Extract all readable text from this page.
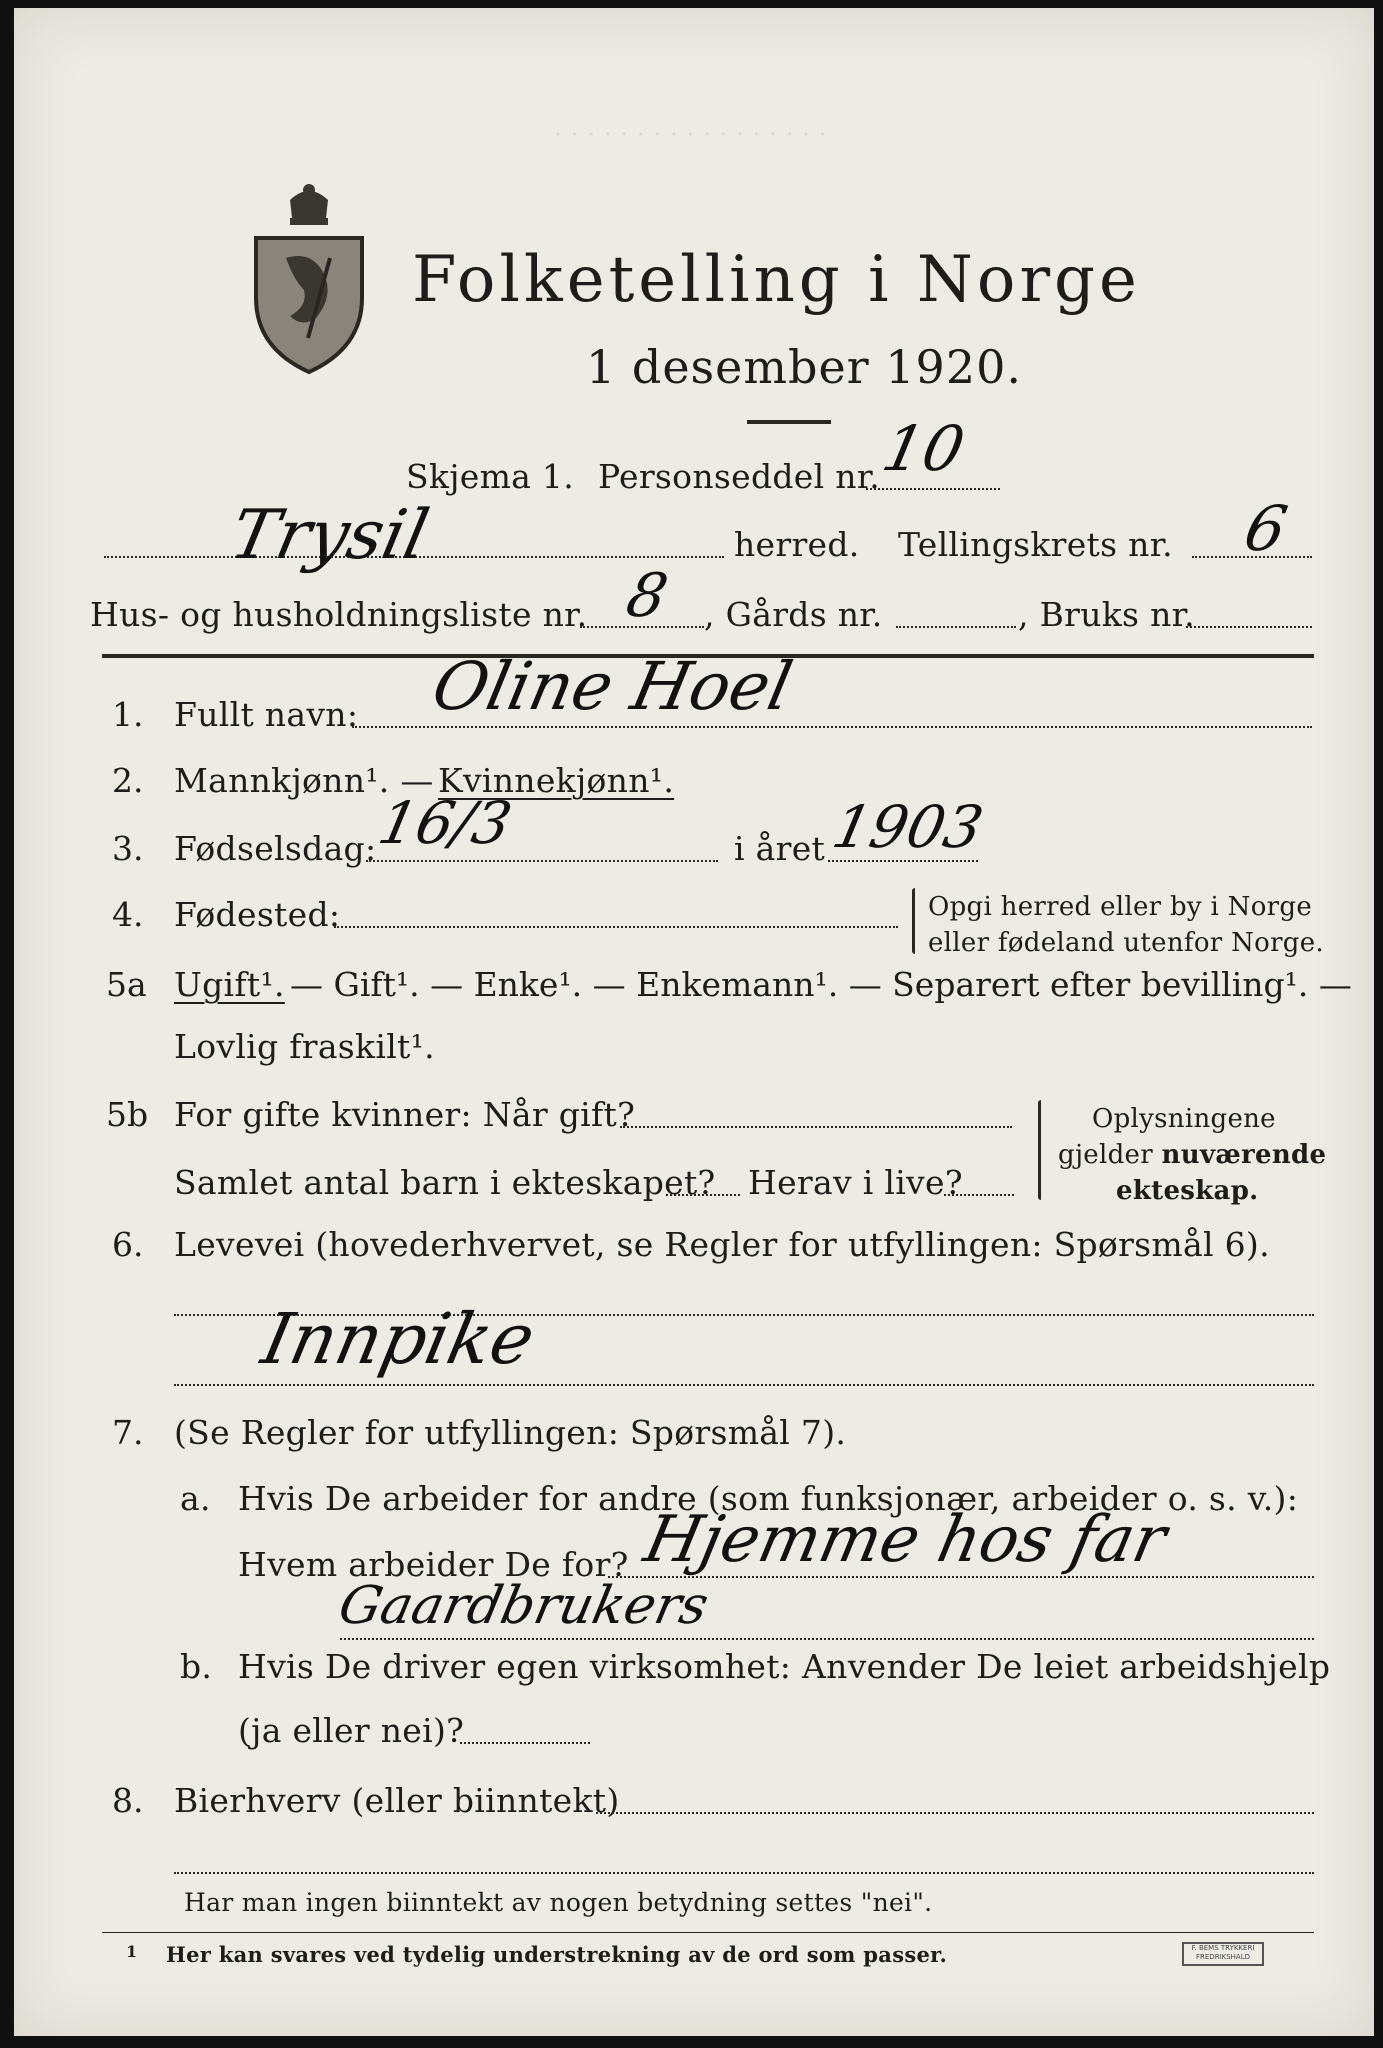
· · · · · · · · · · · · · · · · ·
Folketelling i Norge
1 desember 1920.
Skjema 1. Personseddel nr.
10
Trysil	herred. Tellingskrets nr. 6
Hus- og husholdningsliste nr. 8 , Gårds nr.	, Bruks nr.
1. Fullt navn: Oline Hoel
2. Mannkjønn¹. — Kvinnekjønn¹.
3. Fødselsdag:
16/3	i året 1903
4. Fødested:	Opgi herred eller by i Norge
eller fødeland utenfor Norge.
5a Ugift¹. — Gift¹. — Enke¹. — Enkemann¹. — Separert efter bevilling¹. —
Lovlig fraskilt¹.
5b For gifte kvinner: Når gift?
Samlet antal barn i ekteskapet? Herav i live?
Oplysningene
gjelder nuværende
ekteskap.
6. Levevei (hovederhvervet, se Regler for utfyllingen: Spørsmål 6).
Innpike
7. (Se Regler for utfyllingen: Spørsmål 7).
a. Hvis De arbeider for andre (som funksjonær, arbeider o. s. v.):
Hvem arbeider De for? Hjemme hos far
Gaardbrukers
b. Hvis De driver egen virksomhet: Anvender De leiet arbeidshjelp
(ja eller nei)?
8. Bierhverv (eller biinntekt)
Har man ingen biinntekt av nogen betydning settes "nei".
1 Her kan svares ved tydelig understrekning av de ord som passer.	F. BEMS TRYKKERI
FREDRIKSHALD
